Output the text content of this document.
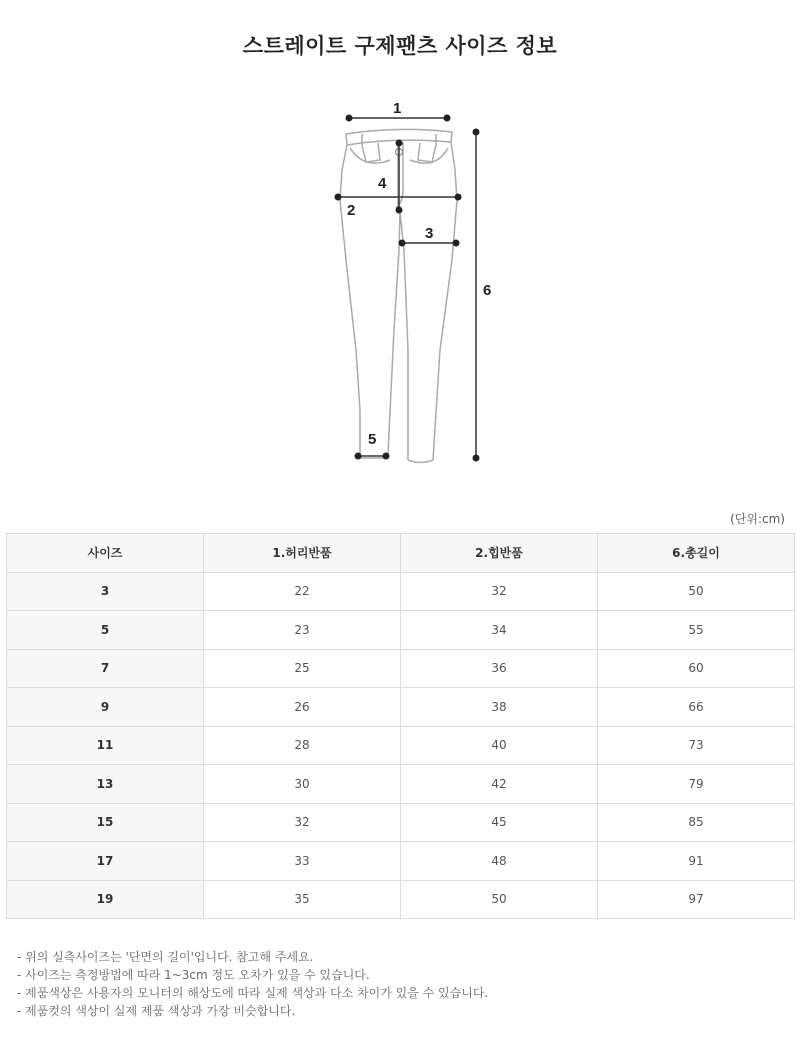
스트레이트 구제팬츠 사이즈 정보
1
2
3
4
5
6
(단위:cm)
사이즈	1.허리반품	2.힙반품	6.총길이
3	22	32	50
5	23	34	55
7	25	36	60
9	26	38	66
11	28	40	73
13	30	42	79
15	32	45	85
17	33	48	91
19	35	50	97
- 위의 실측사이즈는 '단면의 길이'입니다. 참고해 주세요.
- 사이즈는 측정방법에 따라 1~3cm 정도 오차가 있을 수 있습니다.
- 제품색상은 사용자의 모니터의 해상도에 따라 실제 색상과 다소 차이가 있을 수 있습니다.
- 제품컷의 색상이 실제 제품 색상과 가장 비슷합니다.
